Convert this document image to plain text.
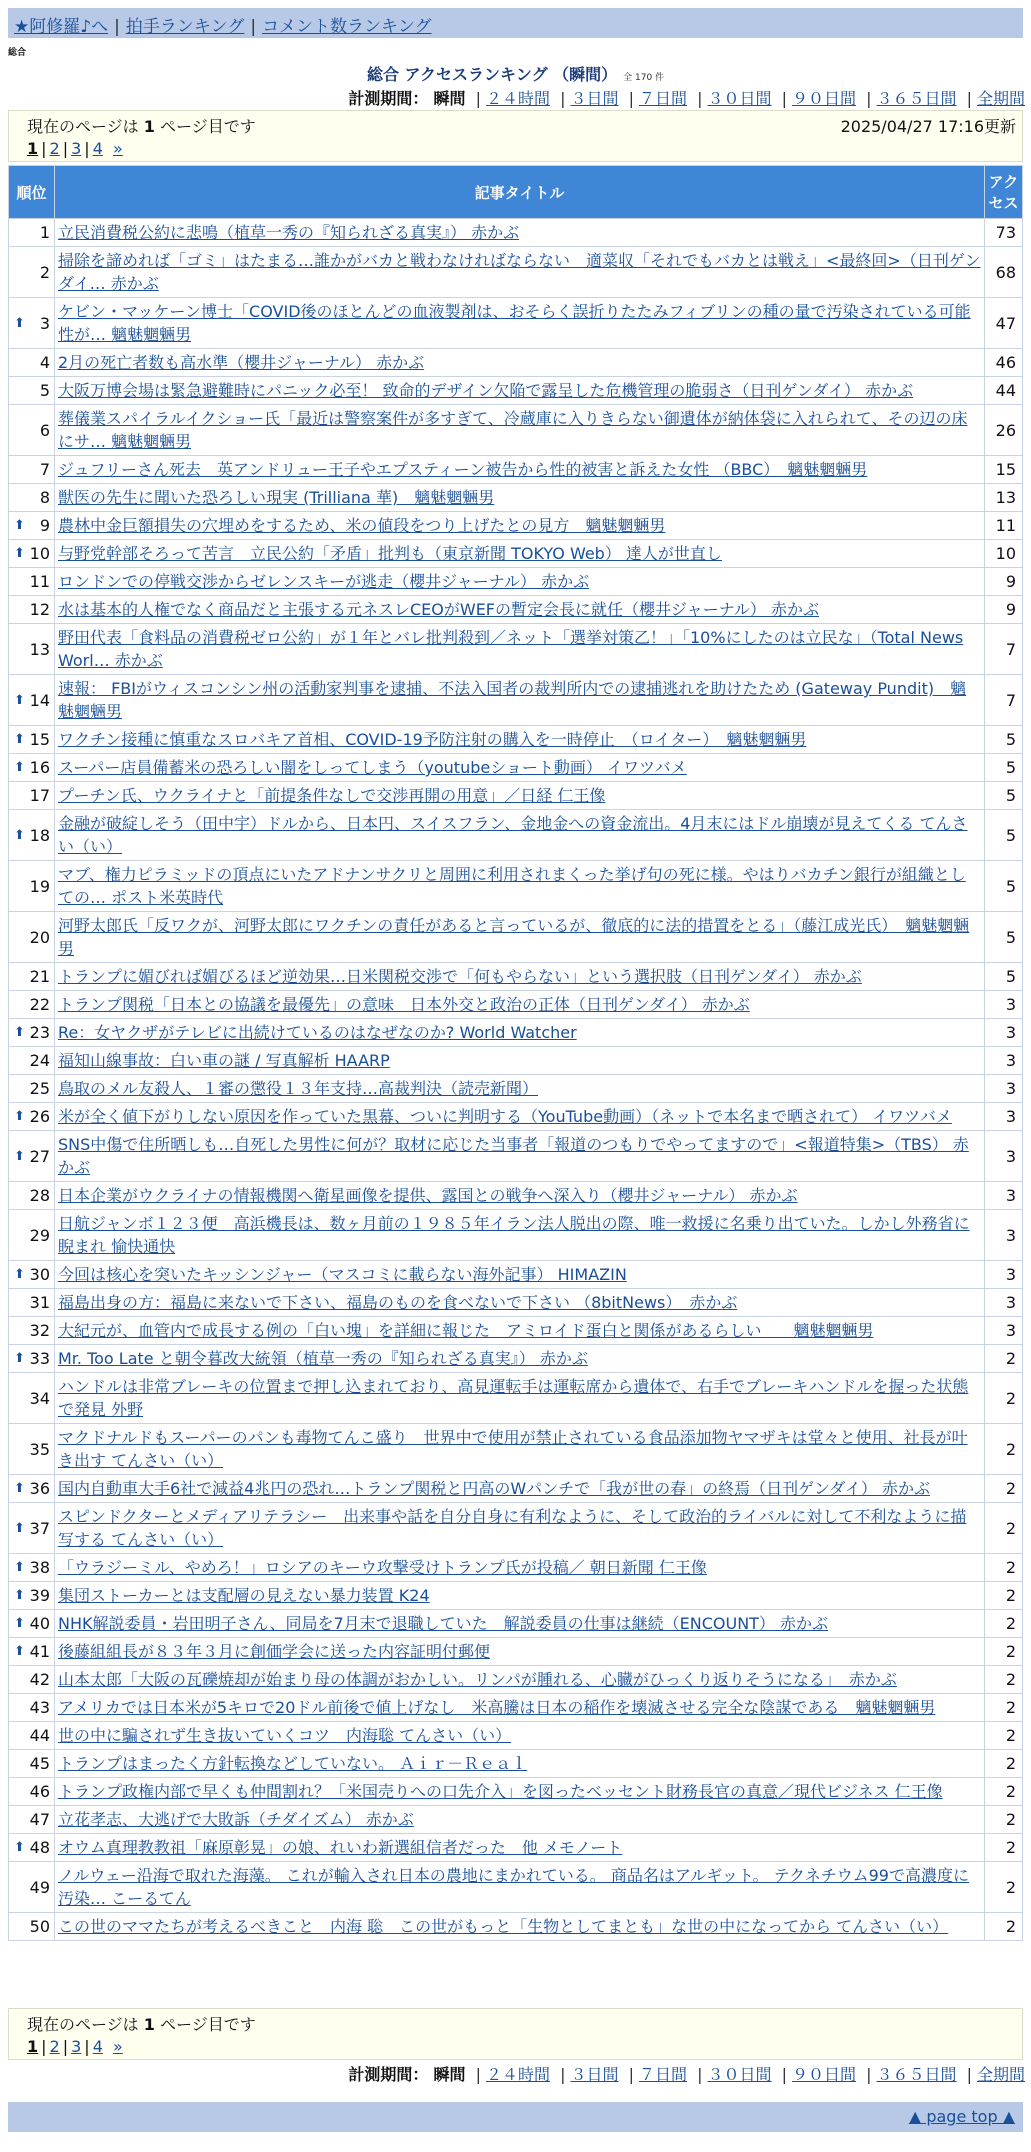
★阿修羅♪へ | 拍手ランキング | コメント数ランキング
総合
総合 アクセスランキング （瞬間） 全 170 件
計測期間： 瞬間 | ２４時間 | ３日間 | ７日間 | ３０日間 | ９０日間 | ３６５日間 | 全期間
現在のページは 1 ページ目です	2025/04/27 17:16更新
1 | 2 | 3 | 4 »
順位	記事タイトル	アクセス
1	立民消費税公約に悲鳴（植草一秀の『知られざる真実』） 赤かぶ	73
2	掃除を諦めれば「ゴミ」はたまる…誰かがバカと戦わなければならない　適菜収「それでもバカとは戦え」<最終回>（日刊ゲンダイ… 赤かぶ	68

⬆ 3	ケビン・マッケーン博士「COVID後のほとんどの血液製剤は、おそらく誤折りたたみフィブリンの種の量で汚染されている可能性が… 魑魅魍魎男	47
4	2月の死亡者数も高水準（櫻井ジャーナル） 赤かぶ	46
5	大阪万博会場は緊急避難時にパニック必至！ 致命的デザイン欠陥で露呈した危機管理の脆弱さ（日刊ゲンダイ） 赤かぶ	44
6	葬儀業スパイラルイクショー氏「最近は警察案件が多すぎて、冷蔵庫に入りきらない御遺体が納体袋に入れられて、その辺の床にサ… 魑魅魍魎男	26
7	ジュフリーさん死去　英アンドリュー王子やエプスティーン被告から性的被害と訴えた女性 （BBC）　魑魅魍魎男	15
8	獣医の先生に聞いた恐ろしい現実 (Trilliana 華)　魑魅魍魎男	13

⬆ 9	農林中金巨額損失の穴埋めをするため、米の値段をつり上げたとの見方　魑魅魍魎男	11

⬆ 10	与野党幹部そろって苦言　立民公約「矛盾」批判も（東京新聞 TOKYO Web） 達人が世直し	10
11	ロンドンでの停戦交渉からゼレンスキーが逃走（櫻井ジャーナル） 赤かぶ	9
12	水は基本的人権でなく商品だと主張する元ネスレCEOがWEFの暫定会長に就任（櫻井ジャーナル） 赤かぶ	9
13	野田代表「食料品の消費税ゼロ公約」が１年とバレ批判殺到／ネット「選挙対策乙！」「10%にしたのは立民な」（Total News Worl… 赤かぶ	7

⬆ 14	速報： FBIがウィスコンシン州の活動家判事を逮捕、不法入国者の裁判所内での逮捕逃れを助けたため (Gateway Pundit)　魑魅魍魎男	7

⬆ 15	ワクチン接種に慎重なスロバキア首相、COVID-19予防注射の購入を一時停止　（ロイター）　魑魅魍魎男	5

⬆ 16	スーパー店員備蓄米の恐ろしい闇をしってしまう（youtubeショート動画） イワツバメ	5
17	プーチン氏、ウクライナと「前提条件なしで交渉再開の用意」／日経 仁王像	5

⬆ 18	金融が破綻しそう（田中宇）ドルから、日本円、スイスフラン、金地金への資金流出。4月末にはドル崩壊が見えてくる てんさい（い）	5
19	マブ、権力ピラミッドの頂点にいたアドナンサクリと周囲に利用されまくった挙げ句の死に様。やはりバカチン銀行が組織としての… ポスト米英時代	5
20	河野太郎氏「反ワクが、河野太郎にワクチンの責任があると言っているが、徹底的に法的措置をとる」（藤江成光氏）　魑魅魍魎男	5
21	トランプに媚びれば媚びるほど逆効果…日米関税交渉で「何もやらない」という選択肢（日刊ゲンダイ） 赤かぶ	5
22	トランプ関税「日本との協議を最優先」の意味　日本外交と政治の正体（日刊ゲンダイ） 赤かぶ	3

⬆ 23	Re：女ヤクザがテレビに出続けているのはなぜなのか? World Watcher	3
24	福知山線事故：白い車の謎 / 写真解析 HAARP	3
25	鳥取のメル友殺人、１審の懲役１３年支持…高裁判決（読売新聞）	3

⬆ 26	米が全く値下がりしない原因を作っていた黒幕、ついに判明する（YouTube動画）（ネットで本名まで晒されて） イワツバメ	3

⬆ 27	SNS中傷で住所晒しも…自死した男性に何が？取材に応じた当事者「報道のつもりでやってますので」<報道特集>（TBS） 赤かぶ	3
28	日本企業がウクライナの情報機関へ衛星画像を提供、露国との戦争へ深入り（櫻井ジャーナル） 赤かぶ	3
29	日航ジャンボ１２３便　高浜機長は、数ヶ月前の１９８５年イラン法人脱出の際、唯一救援に名乗り出ていた。しかし外務省に睨まれ 愉快通快	3

⬆ 30	今回は核心を突いたキッシンジャー（マスコミに載らない海外記事） HIMAZIN	3
31	福島出身の方：福島に来ないで下さい、福島のものを食べないで下さい （8bitNews）　赤かぶ	3
32	大紀元が、血管内で成長する例の「白い塊」を詳細に報じた　アミロイド蛋白と関係があるらしい　　魑魅魍魎男	3

⬆ 33	Mr. Too Late と朝令暮改大統領（植草一秀の『知られざる真実』） 赤かぶ	2
34	ハンドルは非常ブレーキの位置まで押し込まれており、高見運転手は運転席から遺体で、右手でブレーキハンドルを握った状態で発見 外野	2
35	マクドナルドもスーパーのパンも毒物てんこ盛り　世界中で使用が禁止されている食品添加物ヤマザキは堂々と使用、社長が叶き出す てんさい（い）	2

⬆ 36	国内自動車大手6社で減益4兆円の恐れ…トランプ関税と円高のWパンチで「我が世の春」の終焉（日刊ゲンダイ） 赤かぶ	2

⬆ 37	スピンドクターとメディアリテラシー　出来事や話を自分自身に有利なように、そして政治的ライバルに対して不利なように描写する てんさい（い）	2

⬆ 38	「ウラジーミル、やめろ！」ロシアのキーウ攻撃受けトランプ氏が投稿／ 朝日新聞 仁王像	2

⬆ 39	集団ストーカーとは支配層の見えない暴力装置 K24	2

⬆ 40	NHK解説委員・岩田明子さん、同局を7月末で退職していた　解説委員の仕事は継続（ENCOUNT） 赤かぶ	2

⬆ 41	後藤組組長が８３年３月に創価学会に送った内容証明付郵便	2
42	山本太郎「大阪の瓦礫焼却が始まり母の体調がおかしい。リンパが腫れる、心臓がひっくり返りそうになる」　赤かぶ	2
43	アメリカでは日本米が5キロで20ドル前後で値上げなし　米高騰は日本の稲作を壊滅させる完全な陰謀である　魑魅魍魎男	2
44	世の中に騙されず生き抜いていくコツ　内海聡 てんさい（い）	2
45	トランプはまったく方針転換などしていない。 Ａｉｒ－Ｒｅａｌ	2
46	トランプ政権内部で早くも仲間割れ？「米国売りへの口先介入」を図ったベッセント財務長官の真意／現代ビジネス 仁王像	2
47	立花孝志、大逃げで大敗訴（チダイズム） 赤かぶ	2

⬆ 48	オウム真理教教祖「麻原彰晃」の娘、れいわ新選組信者だった　他 メモノート	2
49	ノルウェー沿海で取れた海藻。 これが輸入され日本の農地にまかれている。 商品名はアルギット。 テクネチウム99で高濃度に汚染… こーるてん	2
50	この世のママたちが考えるべきこと　内海 聡　この世がもっと「生物としてまとも」な世の中になってから てんさい（い）	2
現在のページは 1 ページ目です
1 | 2 | 3 | 4 »
計測期間： 瞬間 | ２４時間 | ３日間 | ７日間 | ３０日間 | ９０日間 | ３６５日間 | 全期間
▲ page top ▲
